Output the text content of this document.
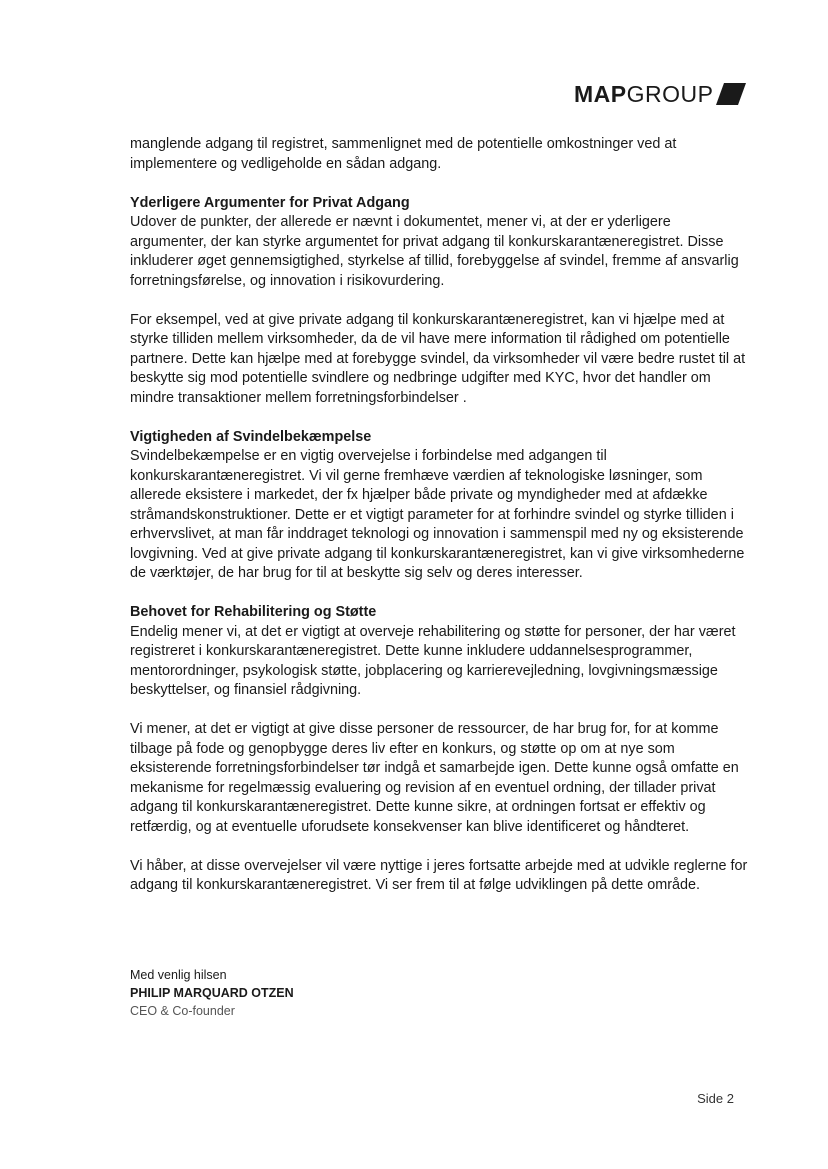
MAP GROUP

manglende adgang til registret, sammenlignet med de potentielle omkostninger ved at implementere og vedligeholde en sådan adgang.

Yderligere Argumenter for Privat Adgang

Udover de punkter, der allerede er nævnt i dokumentet, mener vi, at der er yderligere argumenter, der kan styrke argumentet for privat adgang til konkurskarantæneregistret. Disse inkluderer øget gennemsigtighed, styrkelse af tillid, forebyggelse af svindel, fremme af ansvarlig forretningsførelse, og innovation i risikovurdering.

For eksempel, ved at give private adgang til konkurskarantæneregistret, kan vi hjælpe med at styrke tilliden mellem virksomheder, da de vil have mere information til rådighed om potentielle partnere. Dette kan hjælpe med at forebygge svindel, da virksomheder vil være bedre rustet til at beskytte sig mod potentielle svindlere og nedbringe udgifter med KYC, hvor det handler om mindre transaktioner mellem forretningsforbindelser .

Vigtigheden af Svindelbekæmpelse

Svindelbekæmpelse er en vigtig overvejelse i forbindelse med adgangen til konkurskarantæneregistret. Vi vil gerne fremhæve værdien af teknologiske løsninger, som allerede eksistere i markedet, der fx hjælper både private og myndigheder med at afdække stråmandskonstruktioner. Dette er et vigtigt parameter for at forhindre svindel og styrke tilliden i erhvervslivet, at man får inddraget teknologi og innovation i sammenspil med ny og eksisterende lovgivning. Ved at give private adgang til konkurskarantæneregistret, kan vi give virksomhederne de værktøjer, de har brug for til at beskytte sig selv og deres interesser.

Behovet for Rehabilitering og Støtte

Endelig mener vi, at det er vigtigt at overveje rehabilitering og støtte for personer, der har været registreret i konkurskarantæneregistret. Dette kunne inkludere uddannelsesprogrammer, mentorordninger, psykologisk støtte, jobplacering og karrierevejledning, lovgivningsmæssige beskyttelser, og finansiel rådgivning.

Vi mener, at det er vigtigt at give disse personer de ressourcer, de har brug for, for at komme tilbage på fode og genopbygge deres liv efter en konkurs, og støtte op om at nye som eksisterende forretningsforbindelser tør indgå et samarbejde igen. Dette kunne også omfatte en mekanisme for regelmæssig evaluering og revision af en eventuel ordning, der tillader privat adgang til konkurskarantæneregistret. Dette kunne sikre, at ordningen fortsat er effektiv og retfærdig, og at eventuelle uforudsete konsekvenser kan blive identificeret og håndteret.

Vi håber, at disse overvejelser vil være nyttige i jeres fortsatte arbejde med at udvikle reglerne for adgang til konkurskarantæneregistret. Vi ser frem til at følge udviklingen på dette område.

Med venlig hilsen
PHILIP MARQUARD OTZEN
CEO & Co-founder
Side 2
